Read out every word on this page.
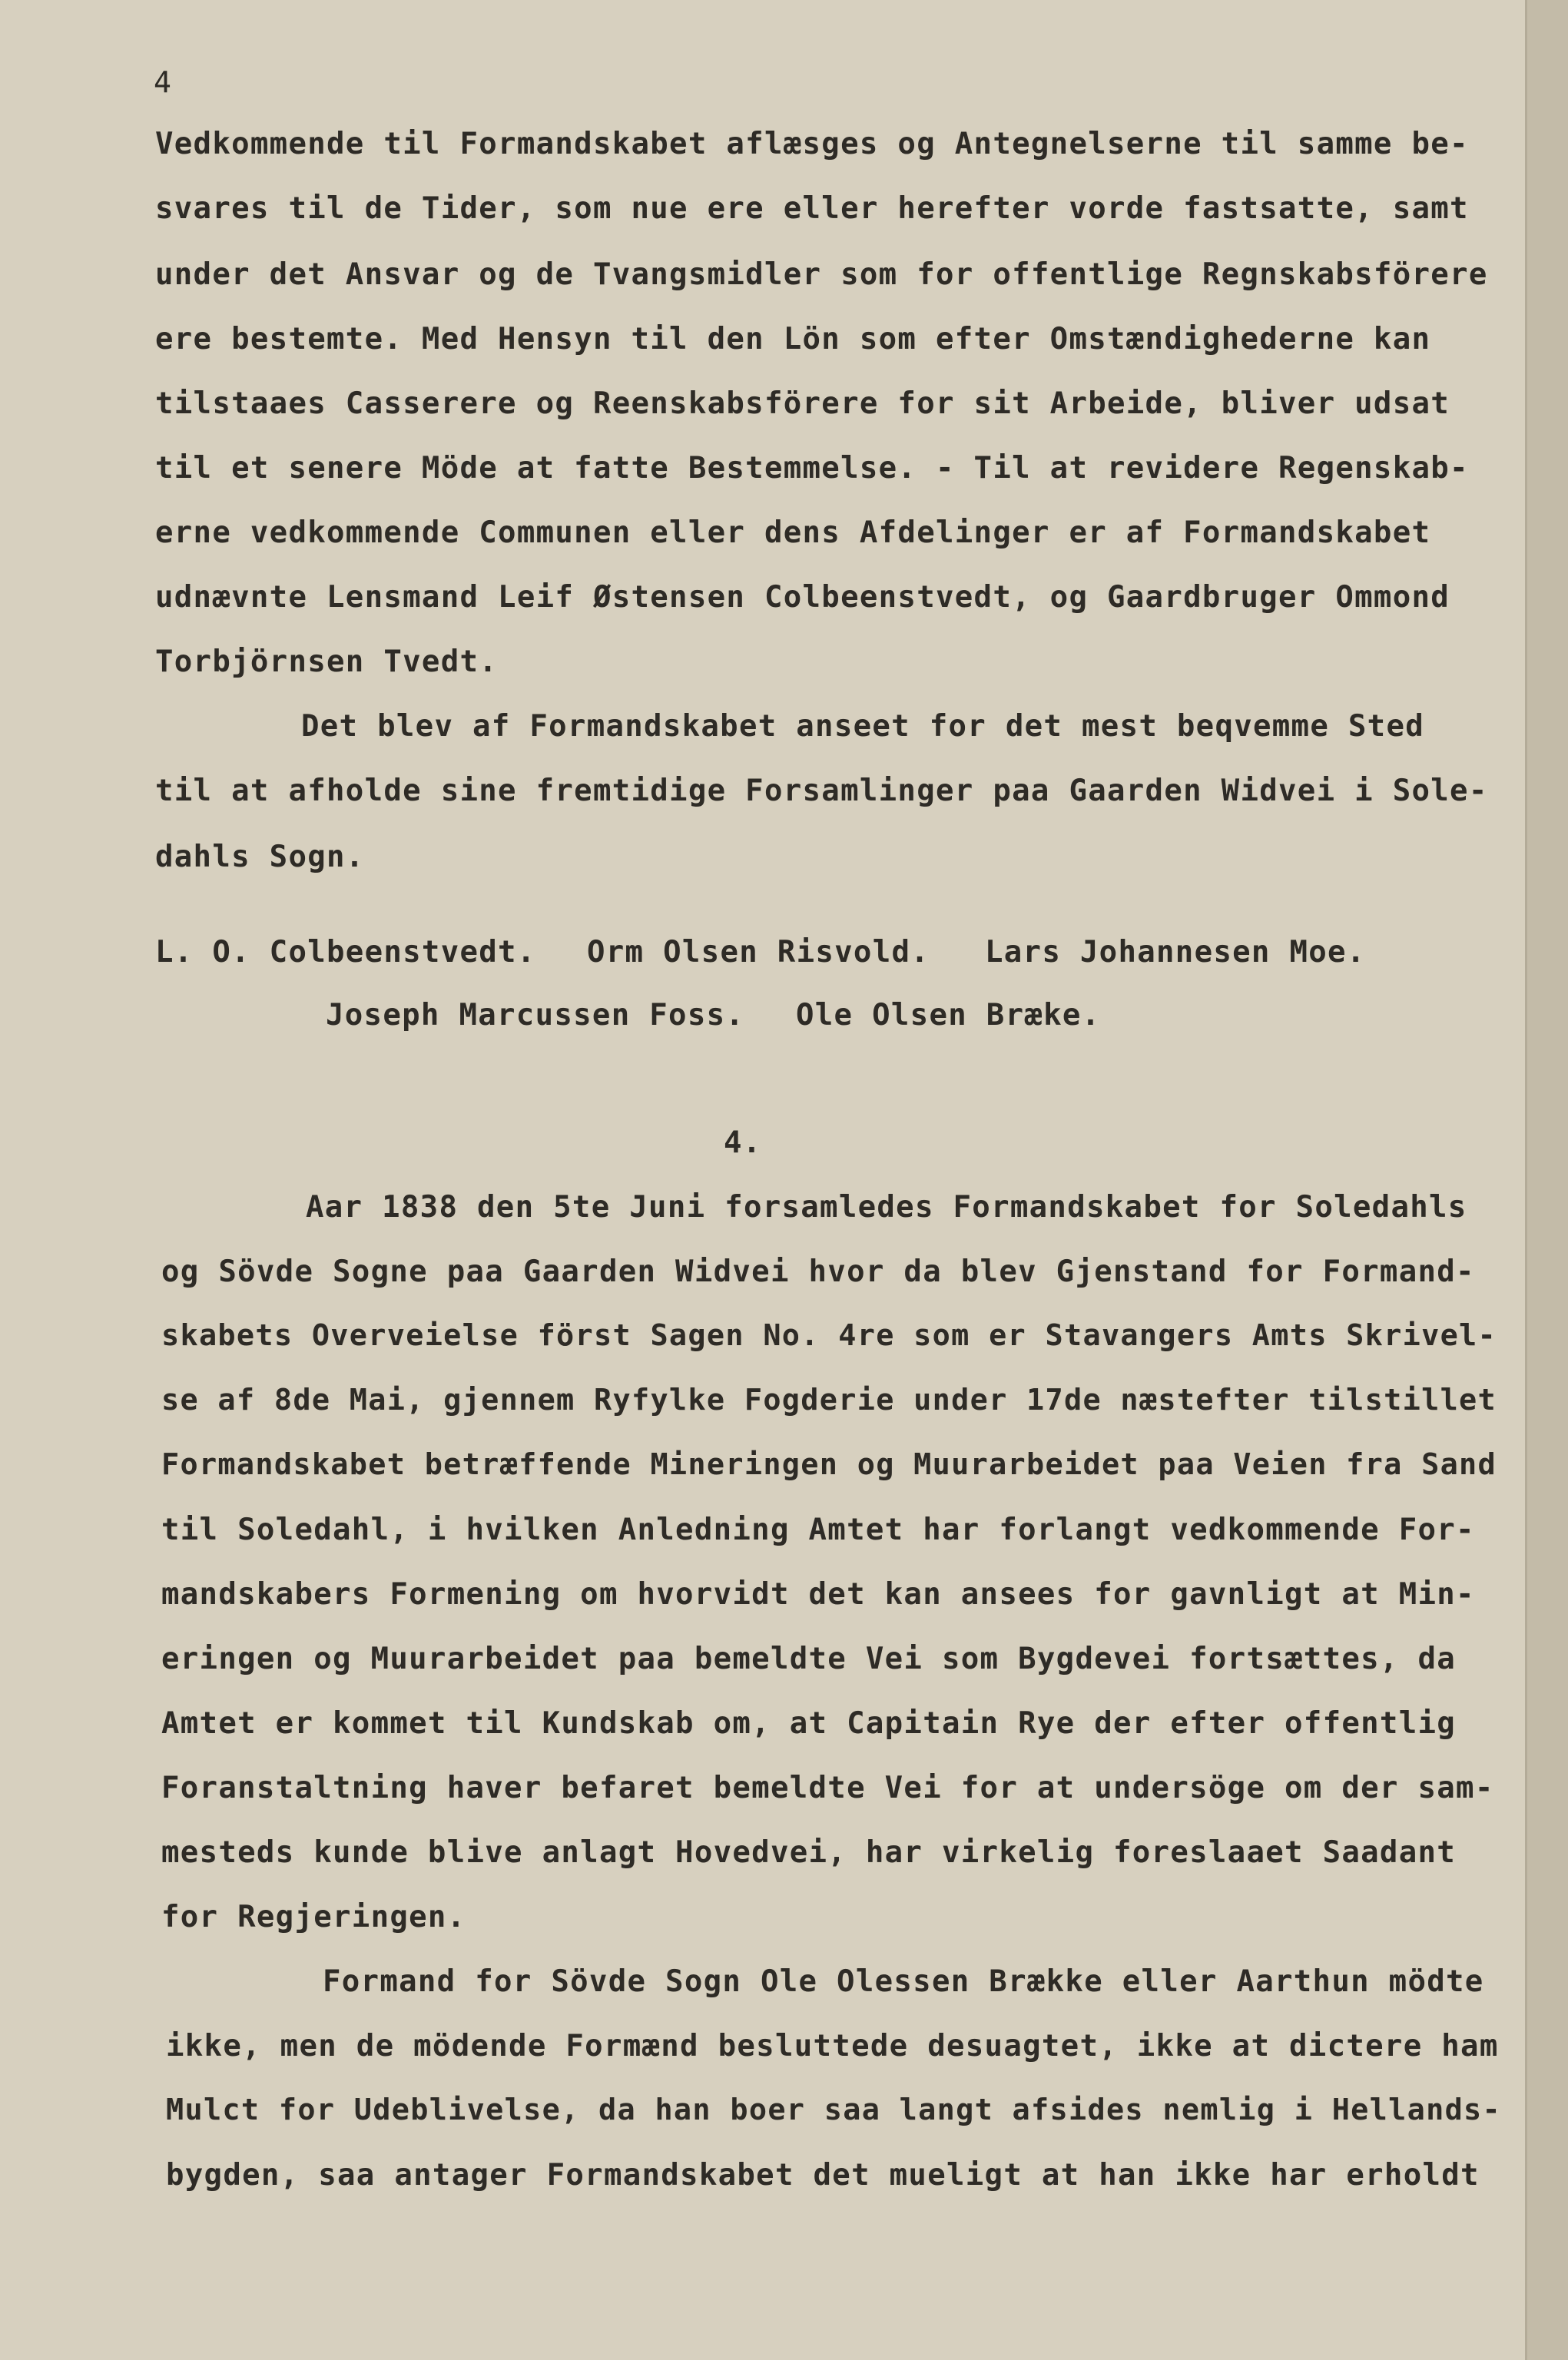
4
Vedkommende til Formandskabet aflæsges og Antegnelserne til samme be-
svares til de Tider, som nue ere eller herefter vorde fastsatte, samt
under det Ansvar og de Tvangsmidler som for offentlige Regnskabsförere
ere bestemte. Med Hensyn til den Lön som efter Omstændighederne kan
tilstaaes Casserere og Reenskabsförere for sit Arbeide, bliver udsat
til et senere Möde at fatte Bestemmelse. - Til at revidere Regenskab-
erne vedkommende Communen eller dens Afdelinger er af Formandskabet
udnævnte Lensmand Leif Østensen Colbeenstvedt, og Gaardbruger Ommond
Torbjörnsen Tvedt.
Det blev af Formandskabet anseet for det mest beqvemme Sted
til at afholde sine fremtidige Forsamlinger paa Gaarden Widvei i Sole-
dahls Sogn.
L. O. Colbeenstvedt. Orm Olsen Risvold. Lars Johannesen Moe.
Joseph Marcussen Foss. Ole Olsen Bræke.
4.
Aar 1838 den 5te Juni forsamledes Formandskabet for Soledahls
og Sövde Sogne paa Gaarden Widvei hvor da blev Gjenstand for Formand-
skabets Overveielse först Sagen No. 4re som er Stavangers Amts Skrivel-
se af 8de Mai, gjennem Ryfylke Fogderie under 17de næstefter tilstillet
Formandskabet betræffende Mineringen og Muurarbeidet paa Veien fra Sand
til Soledahl, i hvilken Anledning Amtet har forlangt vedkommende For-
mandskabers Formening om hvorvidt det kan ansees for gavnligt at Min-
eringen og Muurarbeidet paa bemeldte Vei som Bygdevei fortsættes, da
Amtet er kommet til Kundskab om, at Capitain Rye der efter offentlig
Foranstaltning haver befaret bemeldte Vei for at undersöge om der sam-
mesteds kunde blive anlagt Hovedvei, har virkelig foreslaaet Saadant
for Regjeringen.
Formand for Sövde Sogn Ole Olessen Brække eller Aarthun mödte
ikke, men de mödende Formænd besluttede desuagtet, ikke at dictere ham
Mulct for Udeblivelse, da han boer saa langt afsides nemlig i Hellands-
bygden, saa antager Formandskabet det mueligt at han ikke har erholdt
